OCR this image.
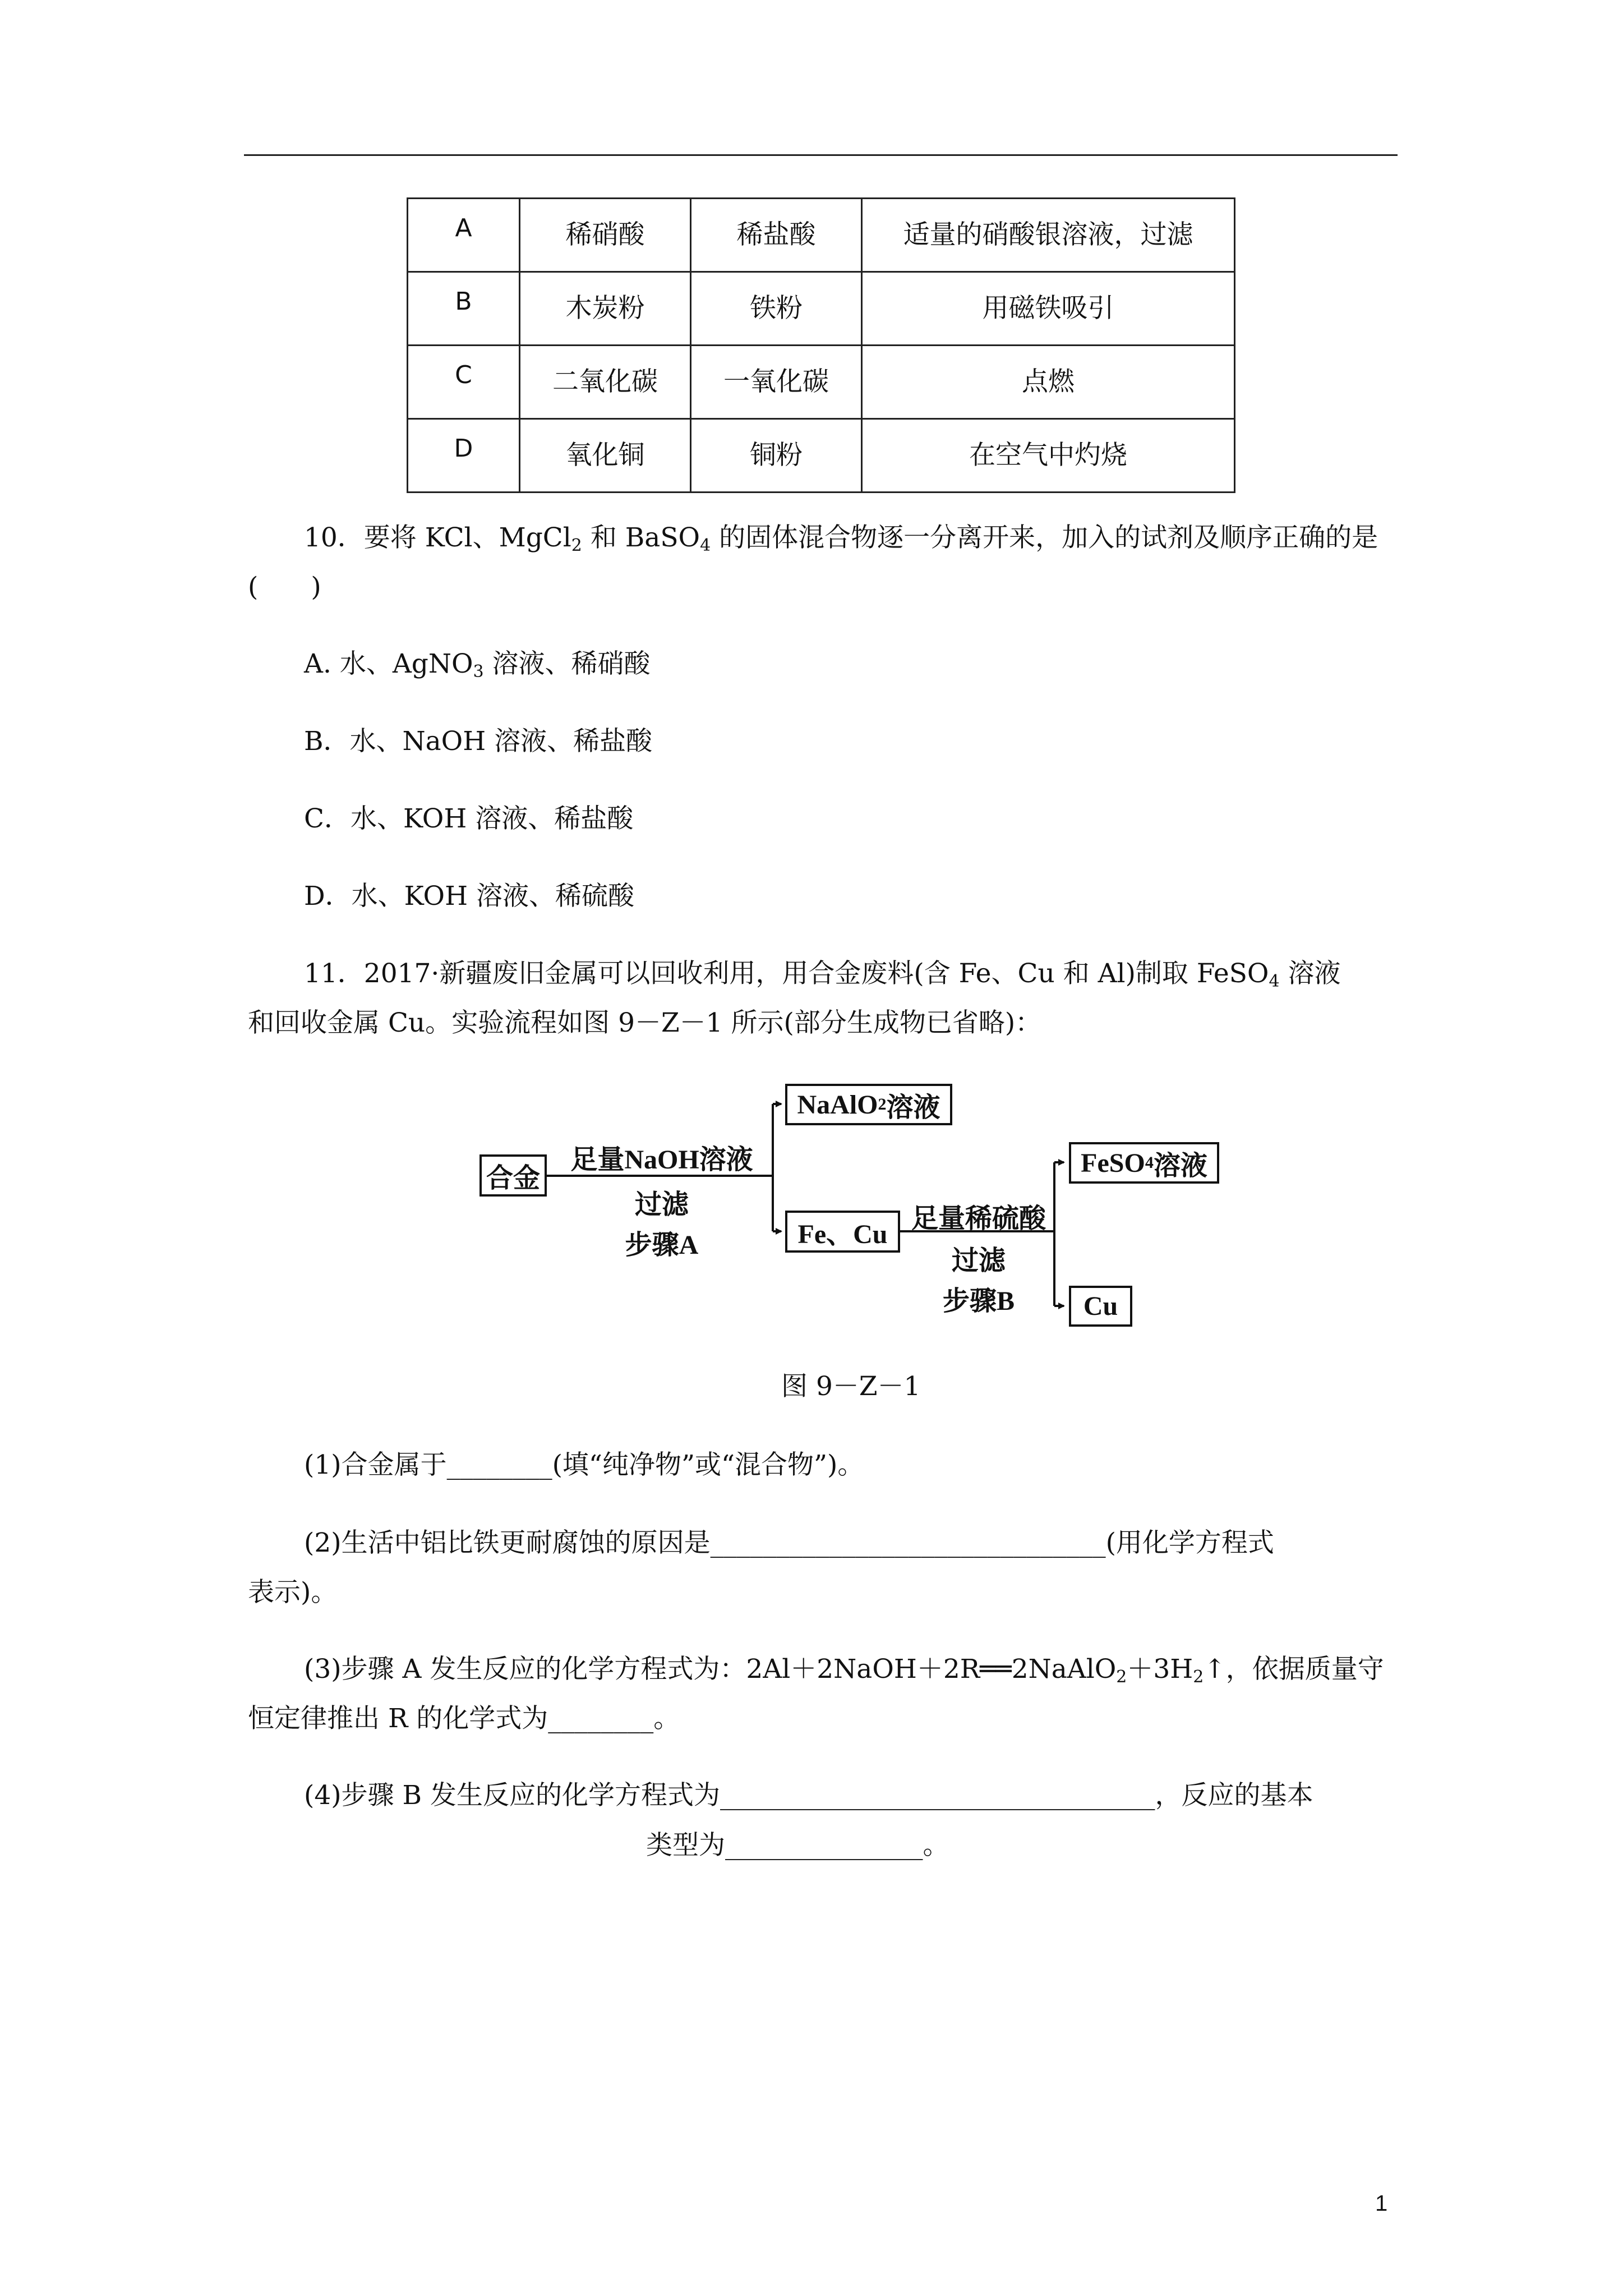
A	稀硝酸	稀盐酸	适量的硝酸银溶液，过滤
B	木炭粉	铁粉	用磁铁吸引
C	二氧化碳	一氧化碳	点燃
D	氧化铜	铜粉	在空气中灼烧
10．要将 KCl、MgCl$_2$ 和 BaSO$_4$ 的固体混合物逐一分离开来，加入的试剂及顺序正确的是
(　　)
A. 水、AgNO$_3$ 溶液、稀硝酸
B．水、NaOH 溶液、稀盐酸
C．水、KOH 溶液、稀盐酸
D．水、KOH 溶液、稀硫酸
11．2017·新疆废旧金属可以回收利用，用合金废料(含 Fe、Cu 和 Al)制取 FeSO$_4$ 溶液
和回收金属 Cu。实验流程如图 9－Z－1 所示(部分生成物已省略)：
合金
NaAlO 2 溶液
Fe、Cu
FeSO 4 溶液
Cu
足量NaOH溶液
过滤
步骤A
足量稀硫酸
过滤
步骤B
图 9－Z－1
(1)合金属于________(填“纯净物”或“混合物”)。
(2)生活中铝比铁更耐腐蚀的原因是______________________________(用化学方程式
表示)。
(3)步骤 A 发生反应的化学方程式为：$2Al+2NaOH+2R══2NaAlO_2+3H_2↑$，依据质量守
恒定律推出 R 的化学式为________。
(4)步骤 B 发生反应的化学方程式为_________________________________，反应的基本
类型为_______________。
1
